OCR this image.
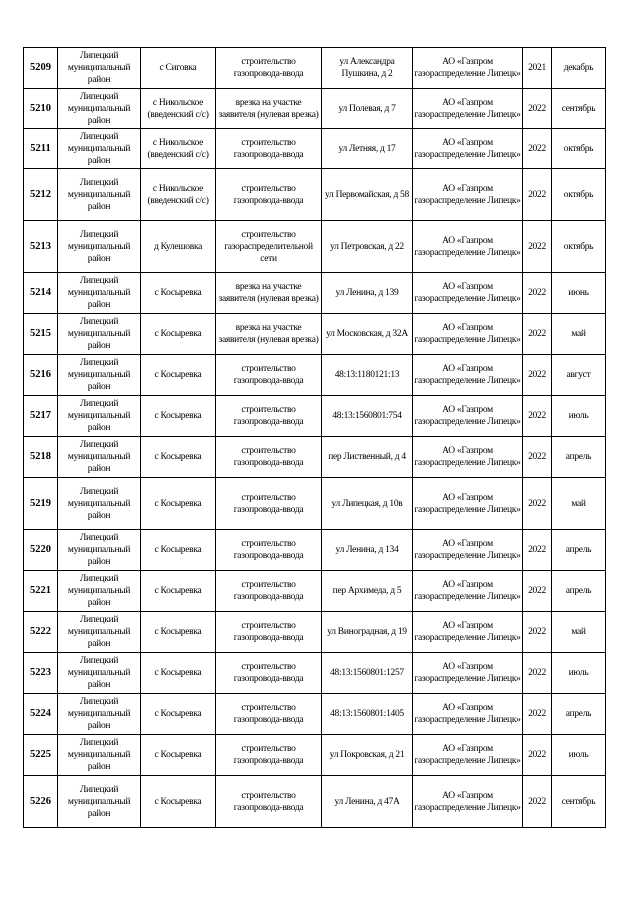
5209	Липецкий муниципальный район	с Сиговка	строительство газопровода-ввода	ул Александра Пушкина, д 2	АО «Газпром газораспределение Липецк»	2021	декабрь
5210	Липецкий муниципальный район	с Никольское (введенский с/с)	врезка на участке заявителя (нулевая врезка)	ул Полевая, д 7	АО «Газпром газораспределение Липецк»	2022	сентябрь
5211	Липецкий муниципальный район	с Никольское (введенский с/с)	строительство газопровода-ввода	ул Летняя, д 17	АО «Газпром газораспределение Липецк»	2022	октябрь
5212	Липецкий муниципальный район	с Никольское (введенский с/с)	строительство газопровода-ввода	ул Первомайская, д 58	АО «Газпром газораспределение Липецк»	2022	октябрь
5213	Липецкий муниципальный район	д Кулешовка	строительство газораспределительной сети	ул Петровская, д 22	АО «Газпром газораспределение Липецк»	2022	октябрь
5214	Липецкий муниципальный район	с Косыревка	врезка на участке заявителя (нулевая врезка)	ул Ленина, д 139	АО «Газпром газораспределение Липецк»	2022	июнь
5215	Липецкий муниципальный район	с Косыревка	врезка на участке заявителя (нулевая врезка)	ул Московская, д 32А	АО «Газпром газораспределение Липецк»	2022	май
5216	Липецкий муниципальный район	с Косыревка	строительство газопровода-ввода	48:13:1180121:13	АО «Газпром газораспределение Липецк»	2022	август
5217	Липецкий муниципальный район	с Косыревка	строительство газопровода-ввода	48:13:1560801:754	АО «Газпром газораспределение Липецк»	2022	июль
5218	Липецкий муниципальный район	с Косыревка	строительство газопровода-ввода	пер Лиственный, д 4	АО «Газпром газораспределение Липецк»	2022	апрель
5219	Липецкий муниципальный район	с Косыревка	строительство газопровода-ввода	ул Липецкая, д 10в	АО «Газпром газораспределение Липецк»	2022	май
5220	Липецкий муниципальный район	с Косыревка	строительство газопровода-ввода	ул Ленина, д 134	АО «Газпром газораспределение Липецк»	2022	апрель
5221	Липецкий муниципальный район	с Косыревка	строительство газопровода-ввода	пер Архимеда, д 5	АО «Газпром газораспределение Липецк»	2022	апрель
5222	Липецкий муниципальный район	с Косыревка	строительство газопровода-ввода	ул Виноградная, д 19	АО «Газпром газораспределение Липецк»	2022	май
5223	Липецкий муниципальный район	с Косыревка	строительство газопровода-ввода	48:13:1560801:1257	АО «Газпром газораспределение Липецк»	2022	июль
5224	Липецкий муниципальный район	с Косыревка	строительство газопровода-ввода	48:13:1560801:1405	АО «Газпром газораспределение Липецк»	2022	апрель
5225	Липецкий муниципальный район	с Косыревка	строительство газопровода-ввода	ул Покровская, д 21	АО «Газпром газораспределение Липецк»	2022	июль
5226	Липецкий муниципальный район	с Косыревка	строительство газопровода-ввода	ул Ленина, д 47А	АО «Газпром газораспределение Липецк»	2022	сентябрь
